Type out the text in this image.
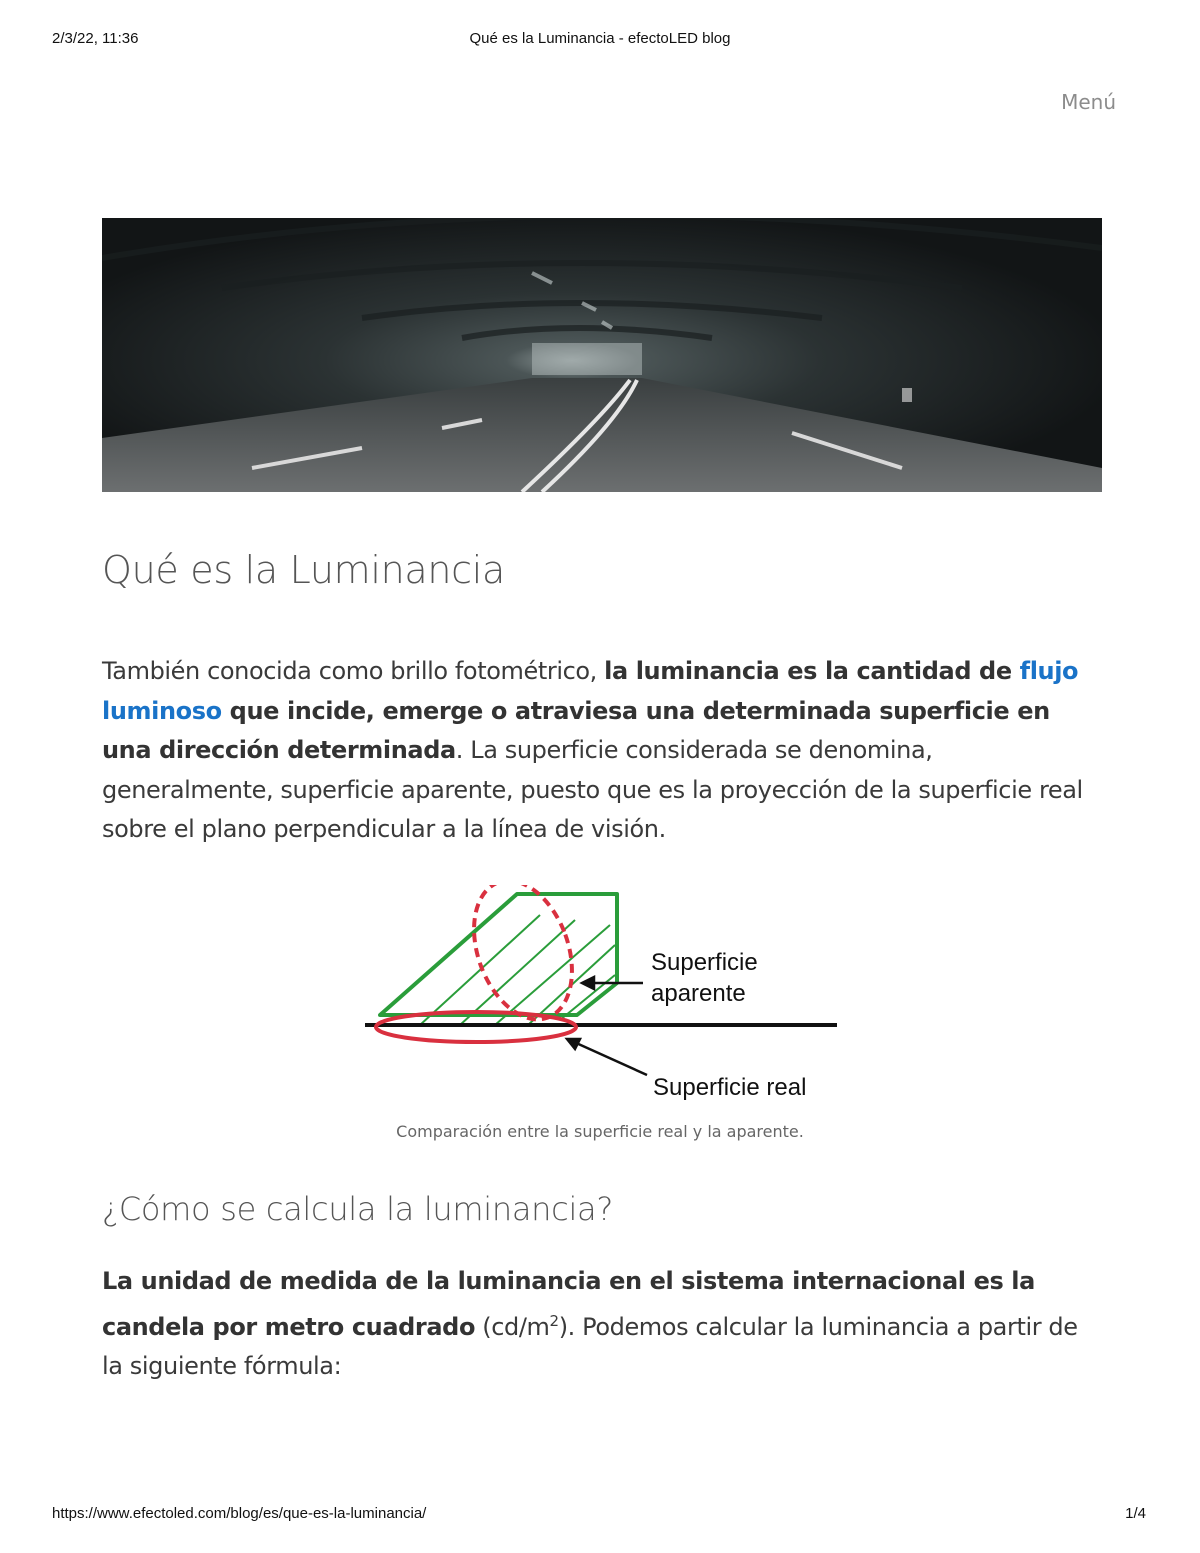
2/3/22, 11:36	Qué es la Luminancia - efectoLED blog
Menú
Qué es la Luminancia

También conocida como brillo fotométrico, la luminancia es la cantidad de flujo luminoso que incide, emerge o atraviesa una determinada superficie en una dirección determinada. La superficie considerada se denomina, generalmente, superficie aparente, puesto que es la proyección de la superficie real sobre el plano perpendicular a la línea de visión.

Superficie
aparente
Superficie real
Comparación entre la superficie real y la aparente.
¿Cómo se calcula la luminancia?

La unidad de medida de la luminancia en el sistema internacional es la candela por metro cuadrado $(cd/m^2)$. Podemos calcular la luminancia a partir de la siguiente fórmula:

https://www.efectoled.com/blog/es/que-es-la-luminancia/	1/4
